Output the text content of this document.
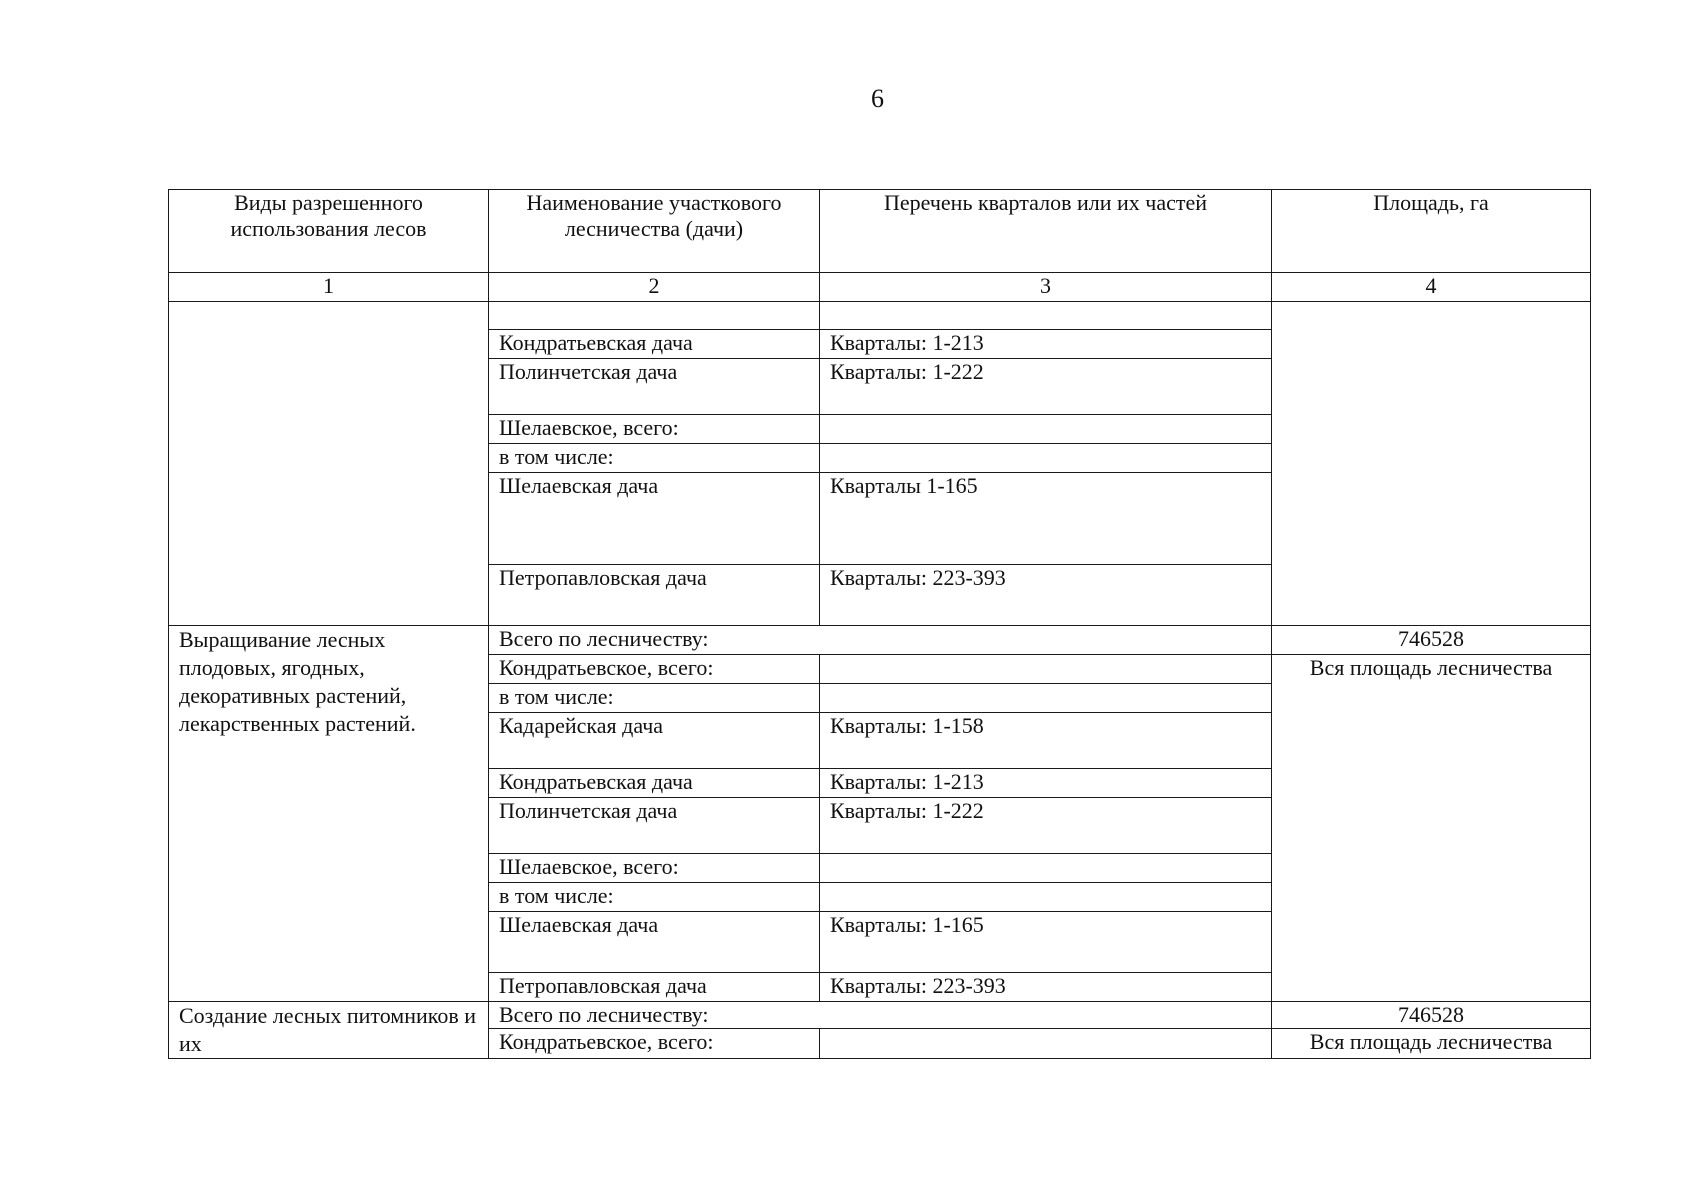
6
Виды разрешенного использования лесов	Наименование участкового лесничества (дачи)	Перечень кварталов или их частей	Площадь, га
1	2	3	4

	Кондратьевская дача	Кварталы: 1-213	
	Полинчетская дача	Кварталы: 1-222	
	Шелаевское, всего:		
	в том числе:		
	Шелаевская дача	Кварталы 1-165	
	Петропавловская дача	Кварталы: 223-393	
Выращивание лесных плодовых, ягодных, декоративных растений, лекарственных растений.	Всего по лесничеству:		746528
	Кондратьевское, всего:		Вся площадь лесничества
	в том числе:		
	Кадарейская дача	Кварталы: 1-158	
	Кондратьевская дача	Кварталы: 1-213	
	Полинчетская дача	Кварталы: 1-222	
	Шелаевское, всего:		
	в том числе:		
	Шелаевская дача	Кварталы: 1-165	
	Петропавловская дача	Кварталы: 223-393	
Создание лесных питомников и их	Всего по лесничеству:		746528
	Кондратьевское, всего:		Вся площадь лесничества
